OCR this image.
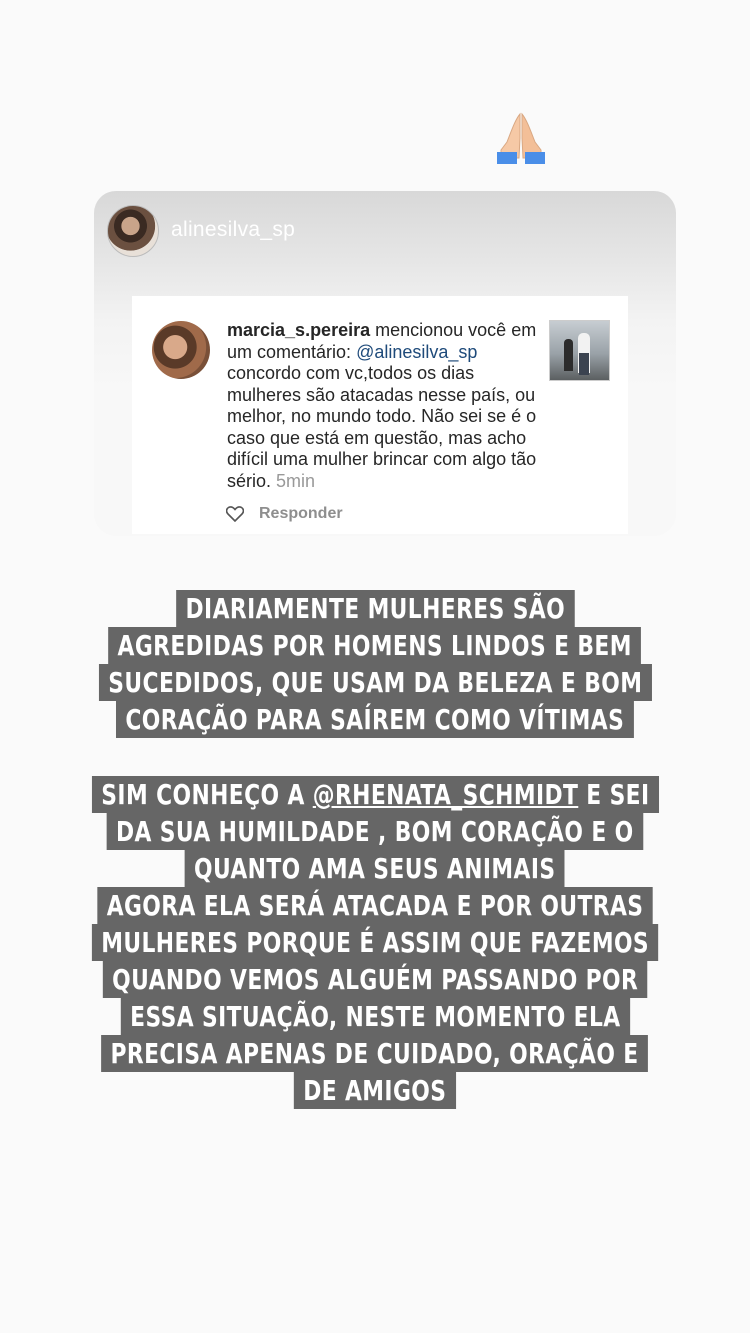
alinesilva_sp
marcia_s.pereira mencionou você em um comentário: @alinesilva_sp concordo com vc,todos os dias mulheres são atacadas nesse país, ou melhor, no mundo todo. Não sei se é o caso que está em questão, mas acho difícil uma mulher brincar com algo tão sério. 5min
Responder
DIARIAMENTE MULHERES SÃO
AGREDIDAS POR HOMENS LINDOS E BEM
SUCEDIDOS, QUE USAM DA BELEZA E BOM
CORAÇÃO PARA SAÍREM COMO VÍTIMAS
SIM CONHEÇO A @RHENATA_SCHMIDT E SEI
DA SUA HUMILDADE , BOM CORAÇÃO E O
QUANTO AMA SEUS ANIMAIS
AGORA ELA SERÁ ATACADA E POR OUTRAS
MULHERES PORQUE É ASSIM QUE FAZEMOS
QUANDO VEMOS ALGUÉM PASSANDO POR
ESSA SITUAÇÃO, NESTE MOMENTO ELA
PRECISA APENAS DE CUIDADO, ORAÇÃO E
DE AMIGOS
